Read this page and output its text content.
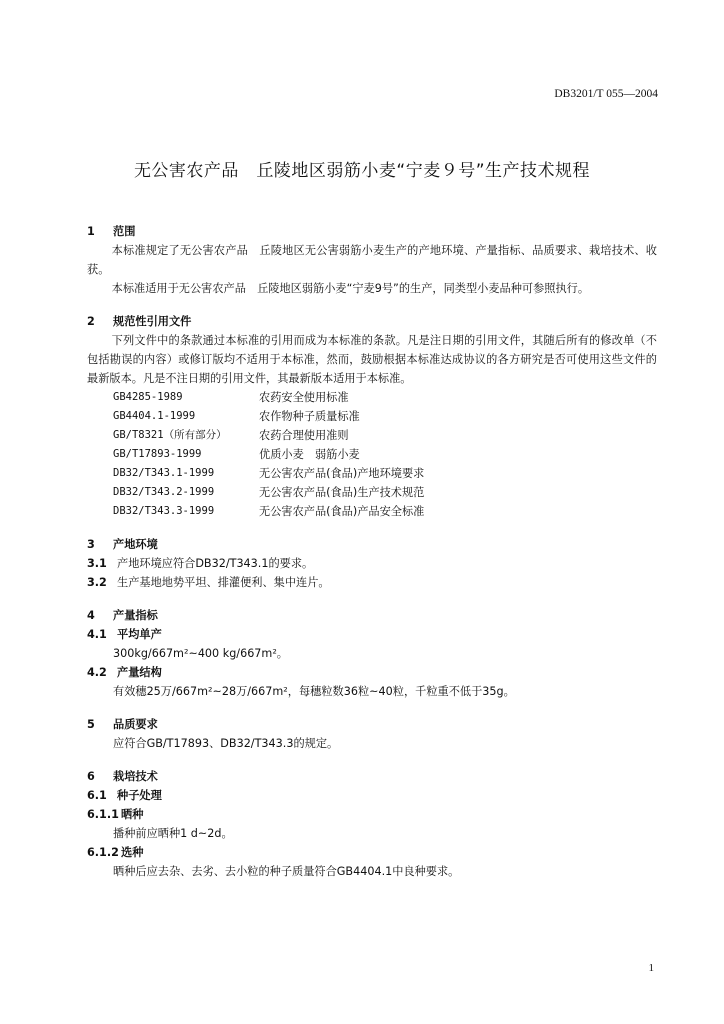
DB3201/T 055—2004
无公害农产品　丘陵地区弱筋小麦“宁麦９号”生产技术规程
1 范围
本标准规定了无公害农产品　丘陵地区无公害弱筋小麦生产的产地环境、产量指标、品质要求、栽培技术、收获。
本标准适用于无公害农产品　丘陵地区弱筋小麦“宁麦9号”的生产，同类型小麦品种可参照执行。
2 规范性引用文件
下列文件中的条款通过本标准的引用而成为本标准的条款。凡是注日期的引用文件，其随后所有的修改单（不包括勘误的内容）或修订版均不适用于本标准，然而，鼓励根据本标准达成协议的各方研究是否可使用这些文件的最新版本。凡是不注日期的引用文件，其最新版本适用于本标准。
GB4285-1989	农药安全使用标准
GB4404.1-1999	农作物种子质量标准
GB/T8321（所有部分）	农药合理使用准则
GB/T17893-1999	优质小麦　弱筋小麦
DB32/T343.1-1999	无公害农产品(食品)产地环境要求
DB32/T343.2-1999	无公害农产品(食品)生产技术规范
DB32/T343.3-1999	无公害农产品(食品)产品安全标准
3 产地环境
3.1 产地环境应符合DB32/T343.1的要求。
3.2 生产基地地势平坦、排灌便利、集中连片。
4 产量指标
4.1 平均单产
300kg/667m²~400 kg/667m²。
4.2 产量结构
有效穗25万/667m²~28万/667m²，每穗粒数36粒~40粒，千粒重不低于35g。
5 品质要求
应符合GB/T17893、DB32/T343.3的规定。
6 栽培技术
6.1 种子处理
6.1.1 晒种
播种前应晒种1 d~2d。
6.1.2 选种
晒种后应去杂、去劣、去小粒的种子质量符合GB4404.1中良种要求。
1
